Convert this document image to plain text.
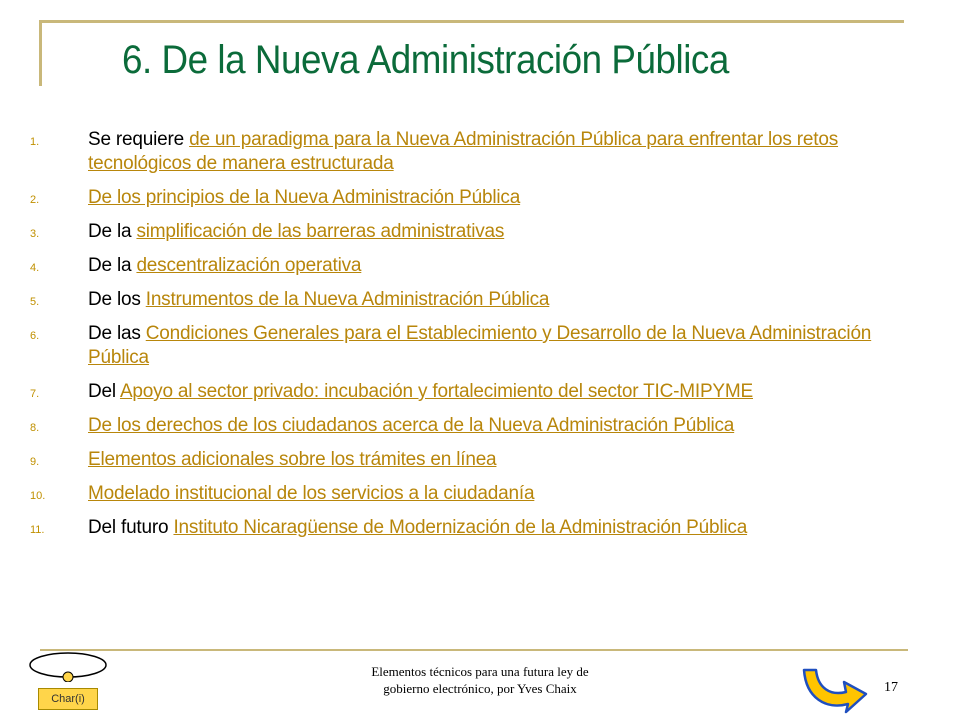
6. De la Nueva Administración Pública
1.	Se requiere de un paradigma para la Nueva Administración Pública para enfrentar los retos tecnológicos de manera estructurada
2.	De los principios de la Nueva Administración Pública
3.	De la simplificación de las barreras administrativas
4.	De la descentralización operativa
5.	De los Instrumentos de la Nueva Administración Pública
6.	De las Condiciones Generales para el Establecimiento y Desarrollo de la Nueva Administración Pública
7.	Del Apoyo al sector privado: incubación y fortalecimiento del sector TIC-MIPYME
8.	De los derechos de los ciudadanos acerca de la Nueva Administración Pública
9.	Elementos adicionales sobre los trámites en línea
10.	Modelado institucional de los servicios a la ciudadanía
11.	Del futuro Instituto Nicaragüense de Modernización de la Administración Pública
Char(i)
Elementos técnicos para una futura ley de
gobierno electrónico, por Yves Chaix	17
